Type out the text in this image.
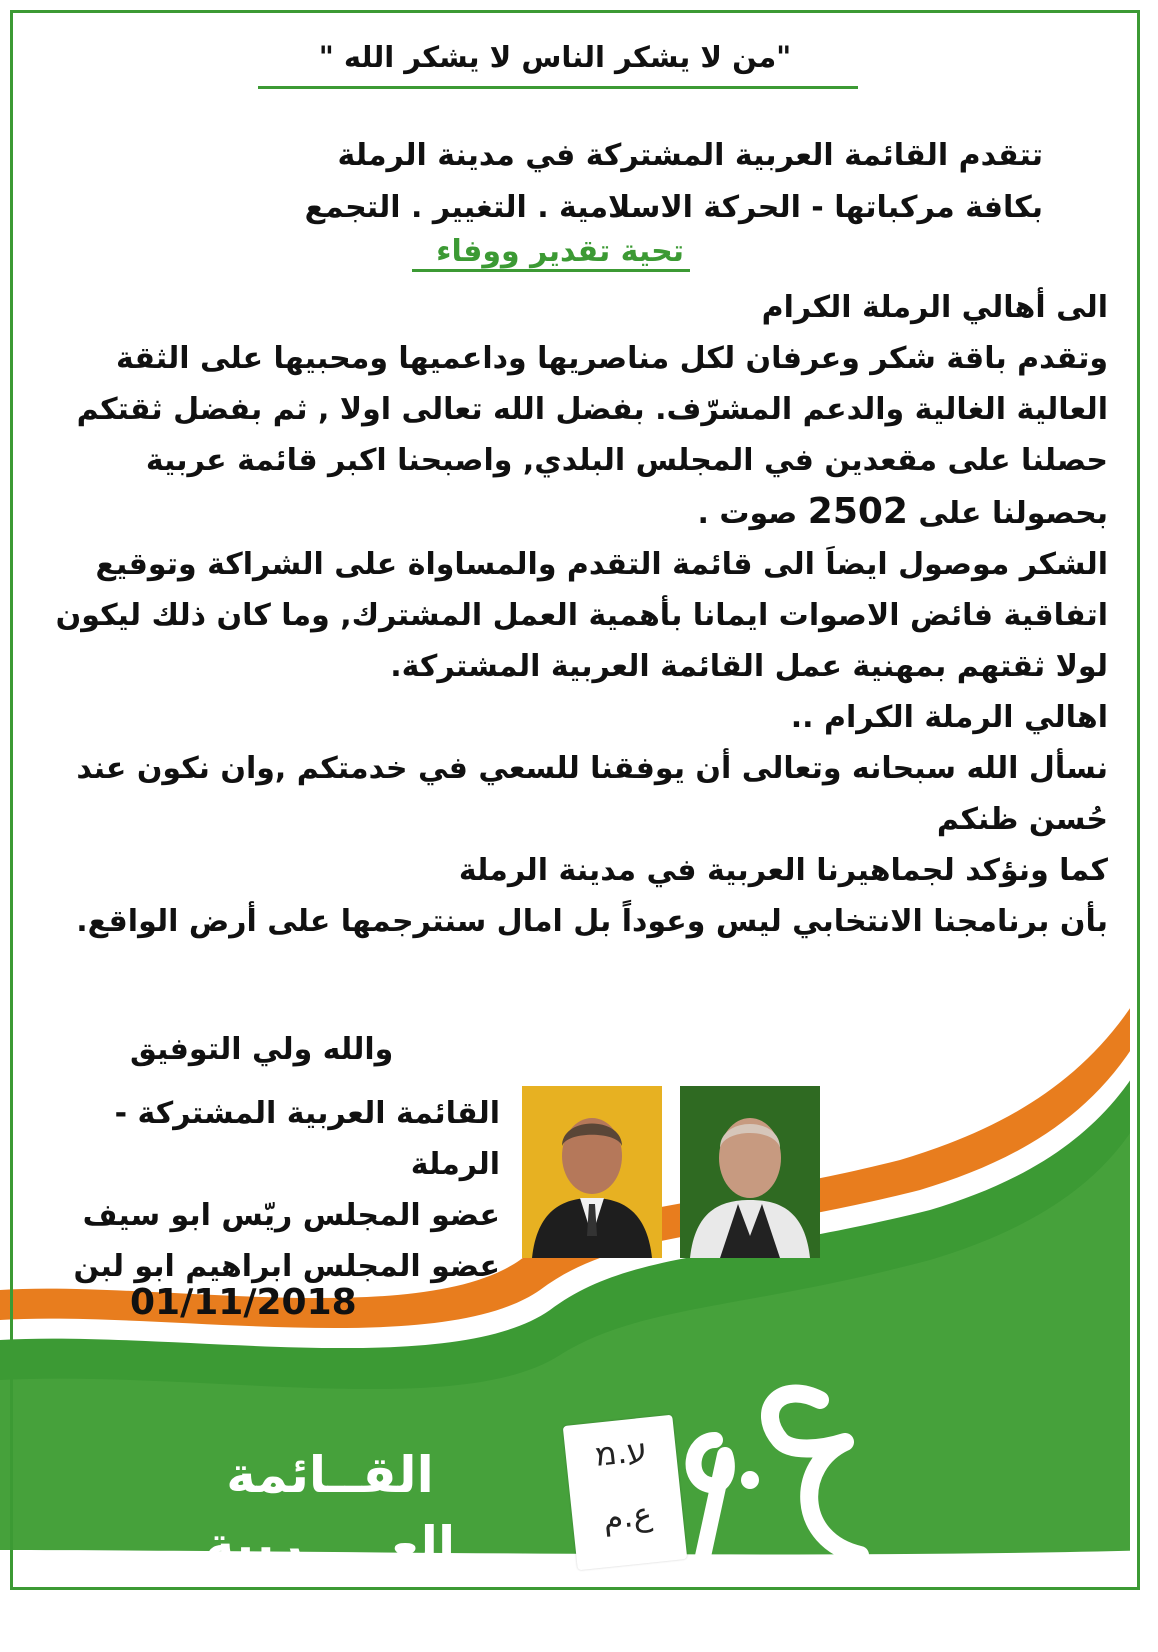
"من لا يشكر الناس لا يشكر الله "
تتقدم القائمة العربية المشتركة في مدينة الرملة
بكافة مركباتها - الحركة الاسلامية . التغيير . التجمع
تحية تقدير ووفاء

الى أهالي الرملة الكرام

وتقدم باقة شكر وعرفان لكل مناصريها وداعميها ومحبيها على الثقة العالية الغالية والدعم المشرّف. بفضل الله تعالى اولا , ثم بفضل ثقتكم حصلنا على مقعدين في المجلس البلدي, واصبحنا اكبر قائمة عربية بحصولنا على 2502 صوت .

الشكر موصول ايضاَ الى قائمة التقدم والمساواة على الشراكة وتوقيع اتفاقية فائض الاصوات ايمانا بأهمية العمل المشترك, وما كان ذلك ليكون لولا ثقتهم بمهنية عمل القائمة العربية المشتركة.

اهالي الرملة الكرام ..

نسأل الله سبحانه وتعالى أن يوفقنا للسعي في خدمتكم ,وان نكون عند حُسن ظنكم

كما ونؤكد لجماهيرنا العربية في مدينة الرملة

بأن برنامجنا الانتخابي ليس وعوداً بل امال سنترجمها على أرض الواقع.

والله ولي التوفيق

القائمة العربية المشتركة - الرملة

عضو المجلس ريّس ابو سيف

عضو المجلس ابراهيم ابو لبن

01/11/2018
القــائمة العـــــربية
المشتركة (الرملة)
ע.מ
ع.م
